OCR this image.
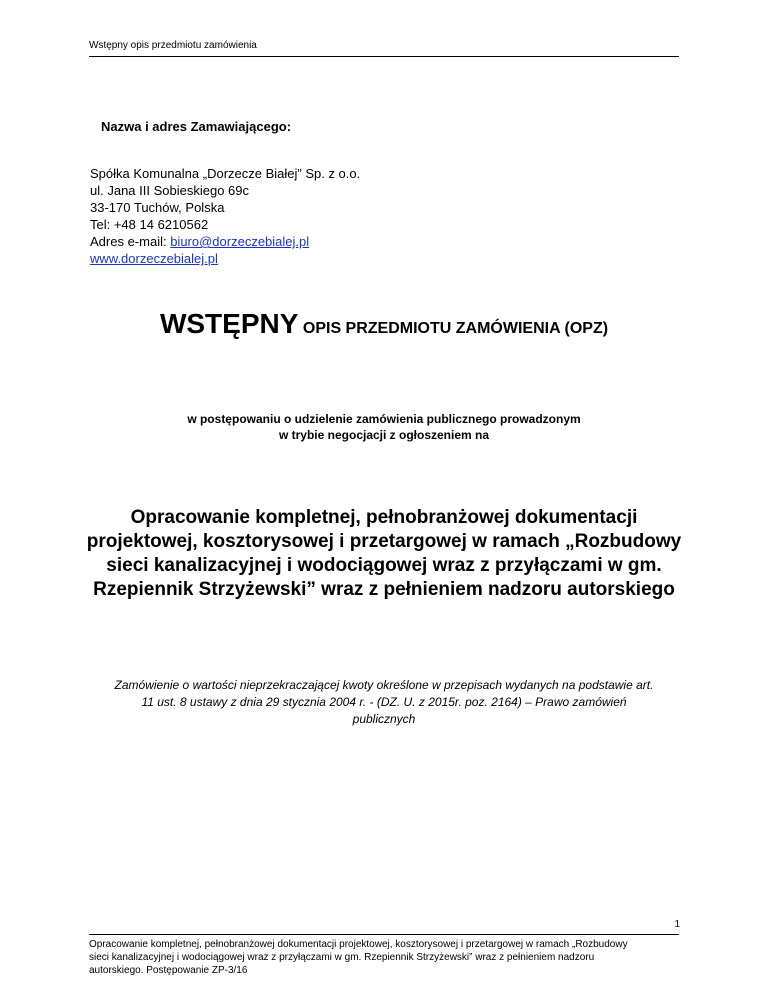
Wstępny opis przedmiotu zamówienia
Nazwa i adres Zamawiającego:
Spółka Komunalna „Dorzecze Białej” Sp. z o.o.
ul. Jana III Sobieskiego 69c
33-170 Tuchów, Polska
Tel: +48 14 6210562
Adres e-mail: biuro@dorzeczebialej.pl
www.dorzeczebialej.pl
WSTĘPNY OPIS PRZEDMIOTU ZAMÓWIENIA (OPZ)
w postępowaniu o udzielenie zamówienia publicznego prowadzonym
w trybie negocjacji z ogłoszeniem na
Opracowanie kompletnej, pełnobranżowej dokumentacji
projektowej, kosztorysowej i przetargowej w ramach „Rozbudowy
sieci kanalizacyjnej i wodociągowej wraz z przyłączami w gm.
Rzepiennik Strzyżewski” wraz z pełnieniem nadzoru autorskiego
Zamówienie o wartości nieprzekraczającej kwoty określone w przepisach wydanych na podstawie art.
11 ust. 8 ustawy z dnia 29 stycznia 2004 r. - (DZ. U. z 2015r. poz. 2164) – Prawo zamówień
publicznych
1
Opracowanie kompletnej, pełnobranżowej dokumentacji projektowej, kosztorysowej i przetargowej w ramach „Rozbudowy
sieci kanalizacyjnej i wodociągowej wraz z przyłączami w gm. Rzepiennik Strzyżewski” wraz z pełnieniem nadzoru
autorskiego. Postępowanie ZP-3/16
